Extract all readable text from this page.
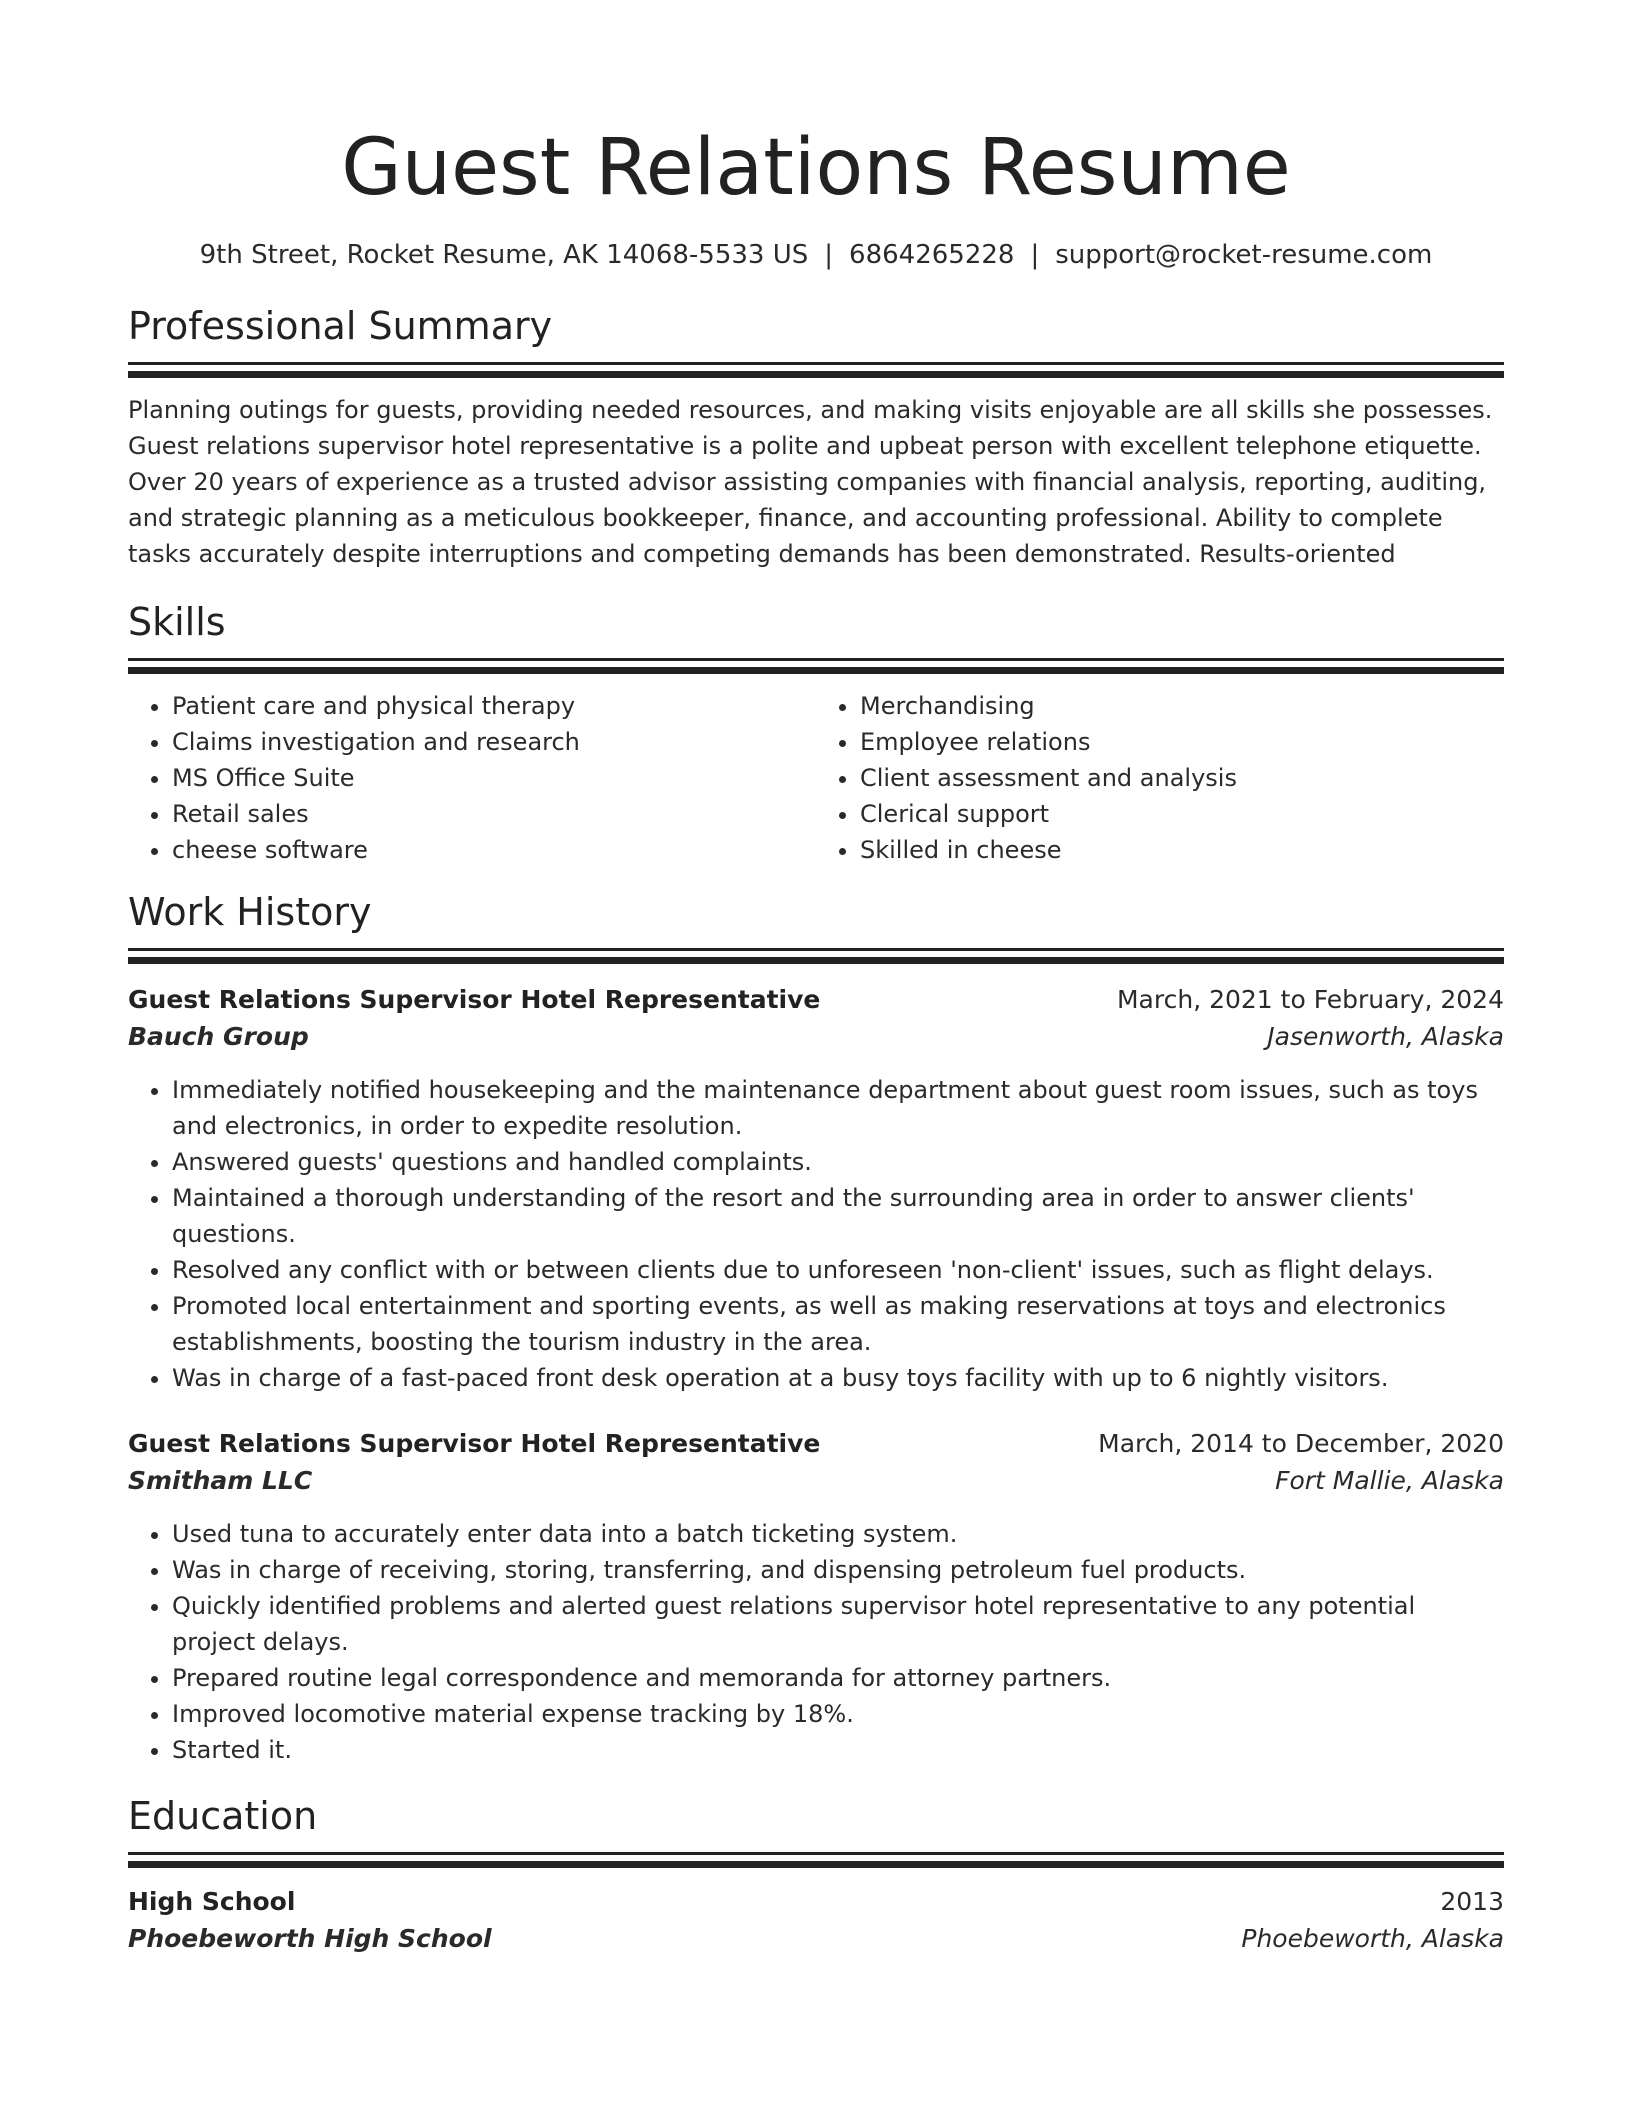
Guest Relations Resume
9th Street, Rocket Resume, AK 14068-5533 US | 6864265228 | support@rocket-resume.com
Professional Summary

Planning outings for guests, providing needed resources, and making visits enjoyable are all skills she possesses. Guest relations supervisor hotel representative is a polite and upbeat person with excellent telephone etiquette. Over 20 years of experience as a trusted advisor assisting companies with financial analysis, reporting, auditing, and strategic planning as a meticulous bookkeeper, finance, and accounting professional. Ability to complete tasks accurately despite interruptions and competing demands has been demonstrated. Results-oriented

Skills
• Patient care and physical therapy
• Claims investigation and research
• MS Office Suite
• Retail sales
• cheese software
• Merchandising
• Employee relations
• Client assessment and analysis
• Clerical support
• Skilled in cheese
Work History
Guest Relations Supervisor Hotel Representative	March, 2021 to February, 2024
Bauch Group	Jasenworth, Alaska
• Immediately notified housekeeping and the maintenance department about guest room issues, such as toys and electronics, in order to expedite resolution.
• Answered guests' questions and handled complaints.
• Maintained a thorough understanding of the resort and the surrounding area in order to answer clients' questions.
• Resolved any conflict with or between clients due to unforeseen 'non-client' issues, such as flight delays.
• Promoted local entertainment and sporting events, as well as making reservations at toys and electronics establishments, boosting the tourism industry in the area.
• Was in charge of a fast-paced front desk operation at a busy toys facility with up to 6 nightly visitors.
Guest Relations Supervisor Hotel Representative	March, 2014 to December, 2020
Smitham LLC	Fort Mallie, Alaska
• Used tuna to accurately enter data into a batch ticketing system.
• Was in charge of receiving, storing, transferring, and dispensing petroleum fuel products.
• Quickly identified problems and alerted guest relations supervisor hotel representative to any potential project delays.
• Prepared routine legal correspondence and memoranda for attorney partners.
• Improved locomotive material expense tracking by 18%.
• Started it.
Education
High School	2013
Phoebeworth High School	Phoebeworth, Alaska
